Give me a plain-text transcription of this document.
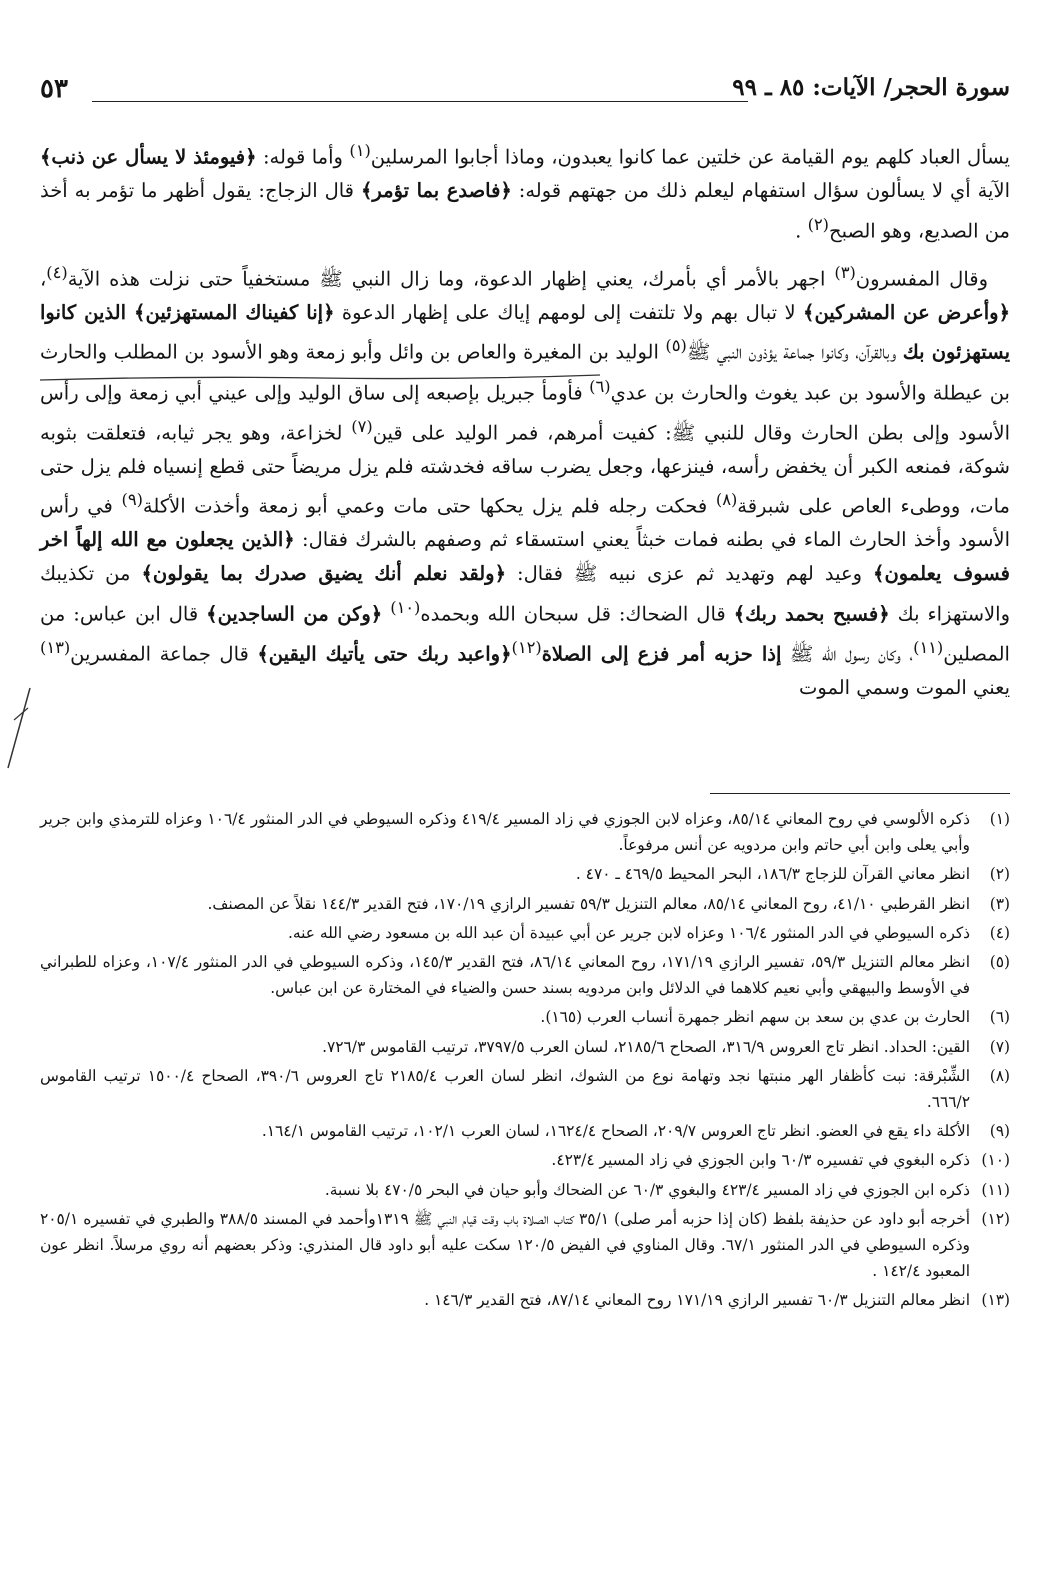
سورة الحجر/ الآيات: ٨٥ ـ ٩٩
٥٣

يسأل العباد كلهم يوم القيامة عن خلتين عما كانوا يعبدون، وماذا أجابوا المرسلين$^{(١)}$ وأما قوله: ﴿فيومئذ لا يسأل عن ذنب﴾ الآية أي لا يسألون سؤال استفهام ليعلم ذلك من جهتهم قوله: ﴿فاصدع بما تؤمر﴾ قال الزجاج: يقول أظهر ما تؤمر به أخذ من الصديع، وهو الصبح$^{(٢)}$ .

وقال المفسرون$^{(٣)}$ اجهر بالأمر أي بأمرك، يعني إظهار الدعوة، وما زال النبي ﷺ مستخفياً حتى نزلت هذه الآية$^{(٤)}$، ﴿وأعرض عن المشركين﴾ لا تبال بهم ولا تلتفت إلى لومهم إياك على إظهار الدعوة ﴿إنا كفيناك المستهزئين﴾ الذين كانوا يستهزئون بك وبالقرآن، وكانوا جماعة يؤذون النبي ﷺ$^{(٥)}$ الوليد بن المغيرة والعاص بن وائل وأبو زمعة وهو الأسود بن المطلب والحارث بن عيطلة والأسود بن عبد يغوث والحارث بن عدي$^{(٦)}$ فأومأ جبريل بإصبعه إلى ساق الوليد وإلى عيني أبي زمعة وإلى رأس الأسود وإلى بطن الحارث وقال للنبي ﷺ: كفيت أمرهم، فمر الوليد على قين$^{(٧)}$ لخزاعة، وهو يجر ثيابه، فتعلقت بثوبه شوكة، فمنعه الكبر أن يخفض رأسه، فينزعها، وجعل يضرب ساقه فخدشته فلم يزل مريضاً حتى قطع إنسياه فلم يزل حتى مات، ووطىء العاص على شبرقة$^{(٨)}$ فحكت رجله فلم يزل يحكها حتى مات وعمي أبو زمعة وأخذت الأكلة$^{(٩)}$ في رأس الأسود وأخذ الحارث الماء في بطنه فمات خبثاً يعني استسقاء ثم وصفهم بالشرك فقال: ﴿الذين يجعلون مع الله إلهاً اخر فسوف يعلمون﴾ وعيد لهم وتهديد ثم عزى نبيه ﷺ فقال: ﴿ولقد نعلم أنك يضيق صدرك بما يقولون﴾ من تكذيبك والاستهزاء بك ﴿فسبح بحمد ربك﴾ قال الضحاك: قل سبحان الله وبحمده$^{(١٠)}$ ﴿وكن من الساجدين﴾ قال ابن عباس: من المصلين$^{(١١)}$، وكان رسول الله ﷺ إذا حزبه أمر فزع إلى الصلاة$^{(١٢)}$﴿واعبد ربك حتى يأتيك اليقين﴾ قال جماعة المفسرين$^{(١٣)}$ يعني الموت وسمي الموت

(١)
ذكره الألوسي في روح المعاني ٨٥/١٤، وعزاه لابن الجوزي في زاد المسير ٤١٩/٤ وذكره السيوطي في الدر المنثور ١٠٦/٤ وعزاه للترمذي وابن جرير وأبي يعلى وابن أبي حاتم وابن مردويه عن أنس مرفوعاً.
(٢)
انظر معاني القرآن للزجاج ١٨٦/٣، البحر المحيط ٤٦٩/٥ ـ ٤٧٠ .
(٣)
انظر القرطبي ٤١/١٠، روح المعاني ٨٥/١٤، معالم التنزيل ٥٩/٣ تفسير الرازي ١٧٠/١٩، فتح القدير ١٤٤/٣ نقلاً عن المصنف.
(٤)
ذكره السيوطي في الدر المنثور ١٠٦/٤ وعزاه لابن جرير عن أبي عبيدة أن عبد الله بن مسعود رضي الله عنه.
(٥)
انظر معالم التنزيل ٥٩/٣، تفسير الرازي ١٧١/١٩، روح المعاني ٨٦/١٤، فتح القدير ١٤٥/٣، وذكره السيوطي في الدر المنثور ١٠٧/٤، وعزاه للطبراني في الأوسط والبيهقي وأبي نعيم كلاهما في الدلائل وابن مردويه بسند حسن والضياء في المختارة عن ابن عباس.
(٦)
الحارث بن عدي بن سعد بن سهم انظر جمهرة أنساب العرب (١٦٥).
(٧)
القين: الحداد. انظر تاج العروس ٣١٦/٩، الصحاح ٢١٨٥/٦، لسان العرب ٣٧٩٧/٥، ترتيب القاموس ٧٢٦/٣.
(٨)
الشِّبْرقة: نبت كأظفار الهر منبتها نجد وتهامة نوع من الشوك، انظر لسان العرب ٢١٨٥/٤ تاج العروس ٣٩٠/٦، الصحاح ١٥٠٠/٤ ترتيب القاموس ٦٦٦/٢.
(٩)
الأكلة داء يقع في العضو. انظر تاج العروس ٢٠٩/٧، الصحاح ١٦٢٤/٤، لسان العرب ١٠٢/١، ترتيب القاموس ١٦٤/١.
(١٠)
ذكره البغوي في تفسيره ٦٠/٣ وابن الجوزي في زاد المسير ٤٢٣/٤.
(١١)
ذكره ابن الجوزي في زاد المسير ٤٢٣/٤ والبغوي ٦٠/٣ عن الضحاك وأبو حيان في البحر ٤٧٠/٥ بلا نسبة.
(١٢)
أخرجه أبو داود عن حذيفة بلفظ (كان إذا حزبه أمر صلى) ٣٥/١ كتاب الصلاة باب وقت قيام النبي ﷺ ١٣١٩وأحمد في المسند ٣٨٨/٥ والطبري في تفسيره ٢٠٥/١ وذكره السيوطي في الدر المنثور ٦٧/١. وقال المناوي في الفيض ١٢٠/٥ سكت عليه أبو داود قال المنذري: وذكر بعضهم أنه روي مرسلاً. انظر عون المعبود ١٤٢/٤ .
(١٣)
انظر معالم التنزيل ٦٠/٣ تفسير الرازي ١٧١/١٩ روح المعاني ٨٧/١٤، فتح القدير ١٤٦/٣ .
